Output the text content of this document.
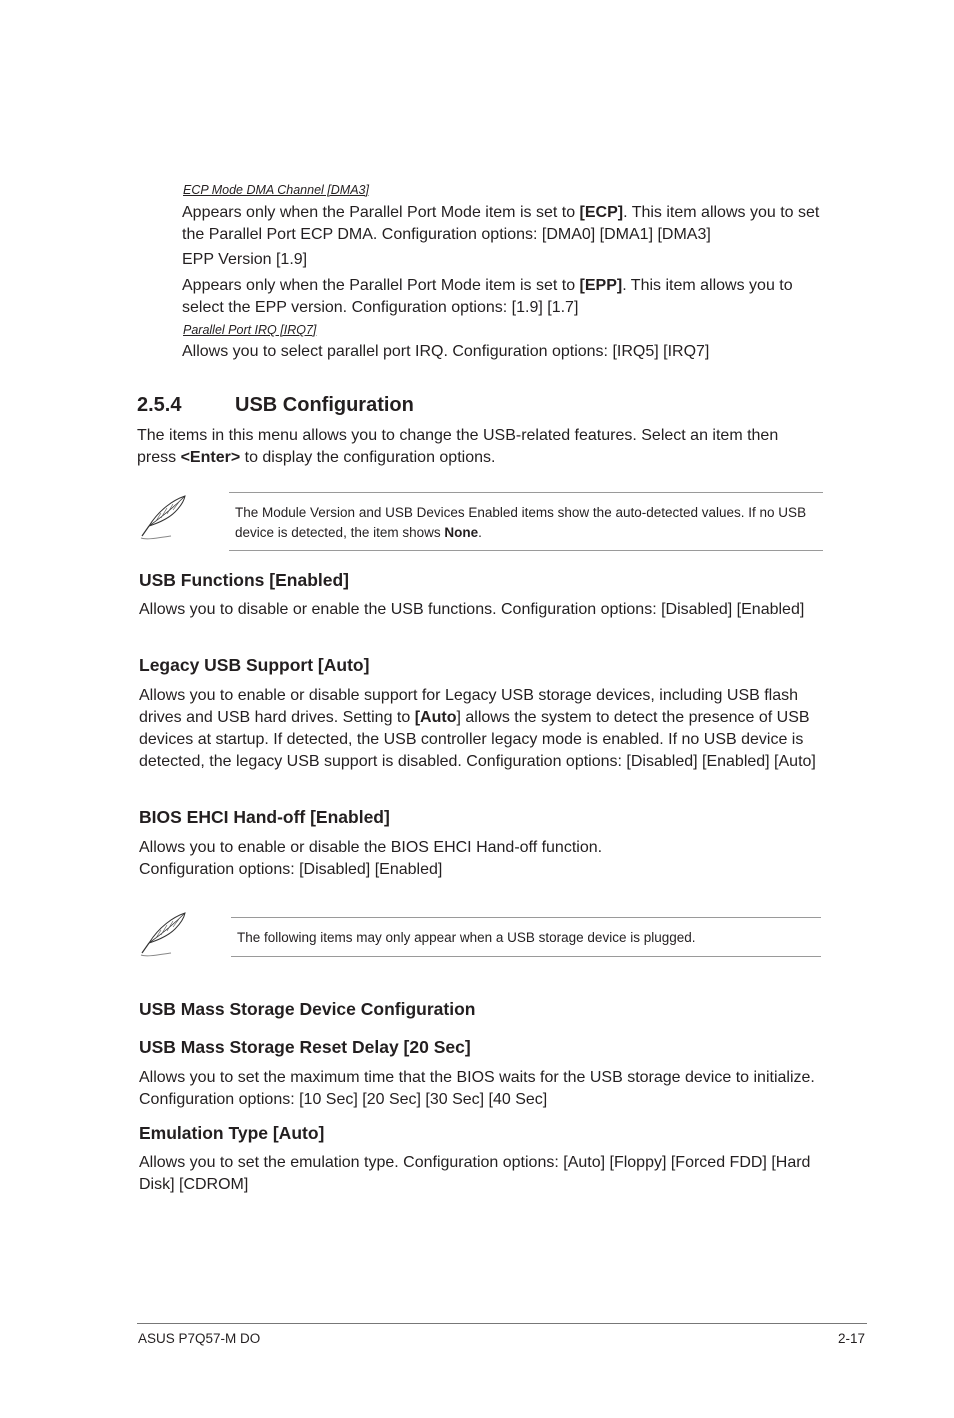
ECP Mode DMA Channel [DMA3]
Appears only when the Parallel Port Mode item is set to [ECP]. This item allows you to set the Parallel Port ECP DMA. Configuration options: [DMA0] [DMA1] [DMA3]
EPP Version [1.9]
Appears only when the Parallel Port Mode item is set to [EPP]. This item allows you to select the EPP version. Configuration options: [1.9] [1.7]
Parallel Port IRQ [IRQ7]
Allows you to select parallel port IRQ. Configuration options: [IRQ5] [IRQ7]
2.5.4	USB Configuration
The items in this menu allows you to change the USB-related features. Select an item then press <Enter> to display the configuration options.
The Module Version and USB Devices Enabled items show the auto-detected values. If no USB device is detected, the item shows None.
USB Functions [Enabled]
Allows you to disable or enable the USB functions. Configuration options: [Disabled] [Enabled]
Legacy USB Support [Auto]
Allows you to enable or disable support for Legacy USB storage devices, including USB flash drives and USB hard drives. Setting to [Auto] allows the system to detect the presence of USB devices at startup. If detected, the USB controller legacy mode is enabled. If no USB device is detected, the legacy USB support is disabled. Configuration options: [Disabled] [Enabled] [Auto]
BIOS EHCI Hand-off [Enabled]
Allows you to enable or disable the BIOS EHCI Hand-off function.
Configuration options: [Disabled] [Enabled]
The following items may only appear when a USB storage device is plugged.
USB Mass Storage Device Configuration
USB Mass Storage Reset Delay [20 Sec]
Allows you to set the maximum time that the BIOS waits for the USB storage device to initialize. Configuration options: [10 Sec] [20 Sec] [30 Sec] [40 Sec]
Emulation Type [Auto]
Allows you to set the emulation type. Configuration options: [Auto] [Floppy] [Forced FDD] [Hard Disk] [CDROM]
ASUS P7Q57-M DO	2-17
